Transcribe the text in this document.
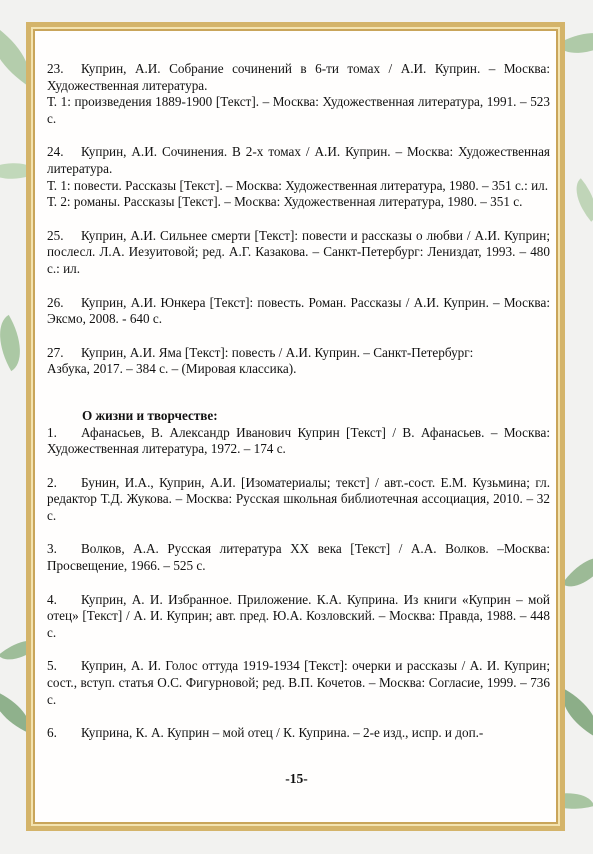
23. Куприн, А.И. Собрание сочинений в 6-ти томах / А.И. Куприн. – Москва: Художественная литература.

Т. 1: произведения 1889-1900 [Текст]. – Москва: Художественная литература, 1991. – 523 с.

24. Куприн, А.И. Сочинения. В 2-х томах / А.И. Куприн. – Москва: Художественная литература.

Т. 1: повести. Рассказы [Текст]. – Москва: Художественная литература, 1980. – 351 с.: ил.

Т. 2: романы. Рассказы [Текст]. – Москва: Художественная литература, 1980. – 351 с.

25. Куприн, А.И. Сильнее смерти [Текст]: повести и рассказы о любви / А.И. Куприн; послесл. Л.А. Иезуитовой; ред. А.Г. Казакова. – Санкт-Петербург: Лениздат, 1993. – 480 с.: ил.

26. Куприн, А.И. Юнкера [Текст]: повесть. Роман. Рассказы / А.И. Куприн. – Москва: Эксмо, 2008. - 640 с.

27. Куприн, А.И. Яма [Текст]: повесть / А.И. Куприн. – Санкт-Петербург:

Азбука, 2017. – 384 с. – (Мировая классика).

О жизни и творчестве:

1. Афанасьев, В. Александр Иванович Куприн [Текст] / В. Афанасьев. – Москва: Художественная литература, 1972. – 174 с.

2. Бунин, И.А., Куприн, А.И. [Изоматериалы; текст] / авт.-сост. Е.М. Кузьмина; гл. редактор Т.Д. Жукова. – Москва: Русская школьная библиотечная ассоциация, 2010. – 32 с.

3. Волков, А.А. Русская литература XX века [Текст] / А.А. Волков. –Москва: Просвещение, 1966. – 525 с.

4. Куприн, А. И. Избранное. Приложение. К.А. Куприна. Из книги «Куприн – мой отец» [Текст] / А. И. Куприн; авт. пред. Ю.А. Козловский. – Москва: Правда, 1988. – 448 с.

5. Куприн, А. И. Голос оттуда 1919-1934 [Текст]: очерки и рассказы / А. И. Куприн; сост., вступ. статья О.С. Фигурновой; ред. В.П. Кочетов. – Москва: Согласие, 1999. – 736 с.

6. Куприна, К. А. Куприн – мой отец / К. Куприна. – 2-е изд., испр. и доп.-

-15-
